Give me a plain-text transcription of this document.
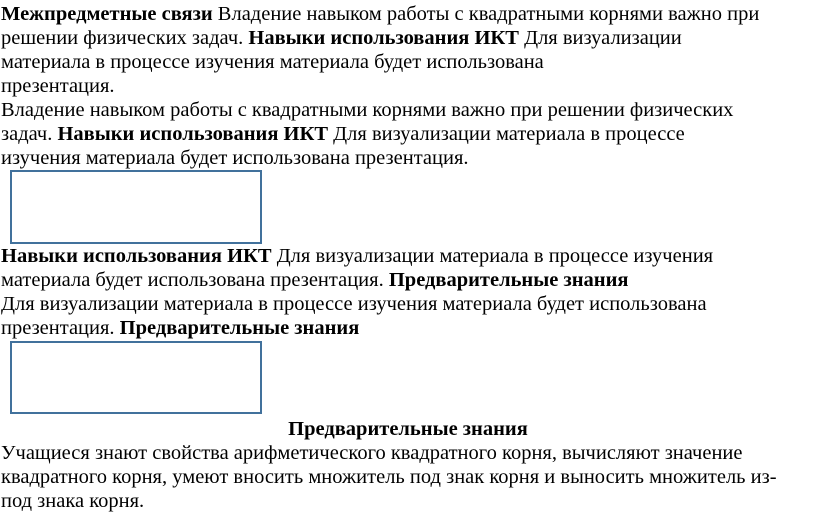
Межпредметные связи Владение навыком работы с квадратными корнями важно при
решении физических задач. Навыки использования ИКТ Для визуализации
материала в процессе изучения материала будет использована
презентация.
Владение навыком работы с квадратными корнями важно при решении физических
задач. Навыки использования ИКТ Для визуализации материала в процессе
изучения материала будет использована презентация.
Навыки использования ИКТ Для визуализации материала в процессе изучения
материала будет использована презентация. Предварительные знания
Для визуализации материала в процессе изучения материала будет использована
презентация. Предварительные знания
Предварительные знания
Учащиеся знают свойства арифметического квадратного корня, вычисляют значение
квадратного корня, умеют вносить множитель под знак корня и выносить множитель из-
под знака корня.
